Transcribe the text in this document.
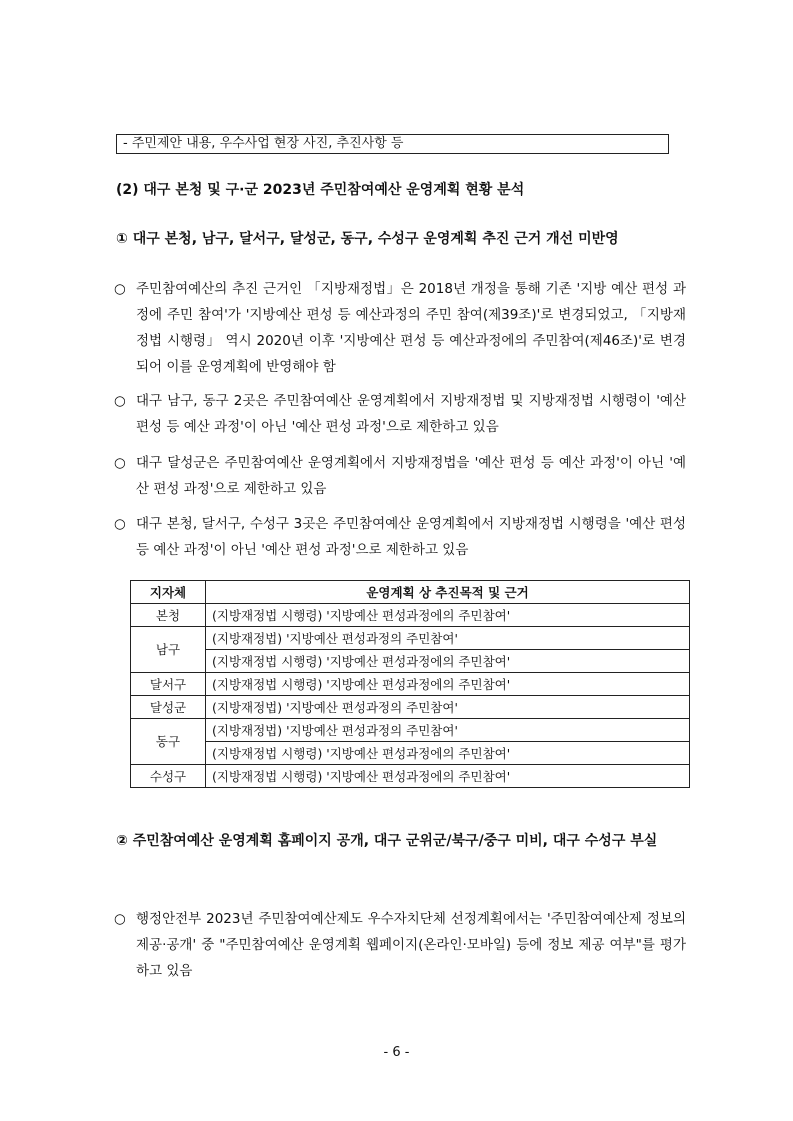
- 주민제안 내용, 우수사업 현장 사진, 추진사항 등
(2) 대구 본청 및 구·군 2023년 주민참여예산 운영계획 현황 분석
① 대구 본청, 남구, 달서구, 달성군, 동구, 수성구 운영계획 추진 근거 개선 미반영
○ 주민참여예산의 추진 근거인 「지방재정법」은 2018년 개정을 통해 기존 '지방 예산 편성 과정에 주민 참여'가 '지방예산 편성 등 예산과정의 주민 참여(제39조)'로 변경되었고, 「지방재정법 시행령」 역시 2020년 이후 '지방예산 편성 등 예산과정에의 주민참여(제46조)'로 변경되어 이를 운영계획에 반영해야 함
○ 대구 남구, 동구 2곳은 주민참여예산 운영계획에서 지방재정법 및 지방재정법 시행령이 '예산 편성 등 예산 과정'이 아닌 '예산 편성 과정'으로 제한하고 있음
○ 대구 달성군은 주민참여예산 운영계획에서 지방재정법을 '예산 편성 등 예산 과정'이 아닌 '예산 편성 과정'으로 제한하고 있음
○ 대구 본청, 달서구, 수성구 3곳은 주민참여예산 운영계획에서 지방재정법 시행령을 '예산 편성 등 예산 과정'이 아닌 '예산 편성 과정'으로 제한하고 있음
지자체	운영계획 상 추진목적 및 근거
본청	(지방재정법 시행령) '지방예산 편성과정에의 주민참여'
남구	(지방재정법) '지방예산 편성과정의 주민참여'
	(지방재정법 시행령) '지방예산 편성과정에의 주민참여'
달서구	(지방재정법 시행령) '지방예산 편성과정에의 주민참여'
달성군	(지방재정법) '지방예산 편성과정의 주민참여'
동구	(지방재정법) '지방예산 편성과정의 주민참여'
	(지방재정법 시행령) '지방예산 편성과정에의 주민참여'
수성구	(지방재정법 시행령) '지방예산 편성과정에의 주민참여'
② 주민참여예산 운영계획 홈페이지 공개, 대구 군위군/북구/중구 미비, 대구 수성구 부실
○ 행정안전부 2023년 주민참여예산제도 우수자치단체 선정계획에서는 '주민참여예산제 정보의 제공·공개' 중 "주민참여예산 운영계획 웹페이지(온라인·모바일) 등에 정보 제공 여부"를 평가하고 있음
- 6 -
